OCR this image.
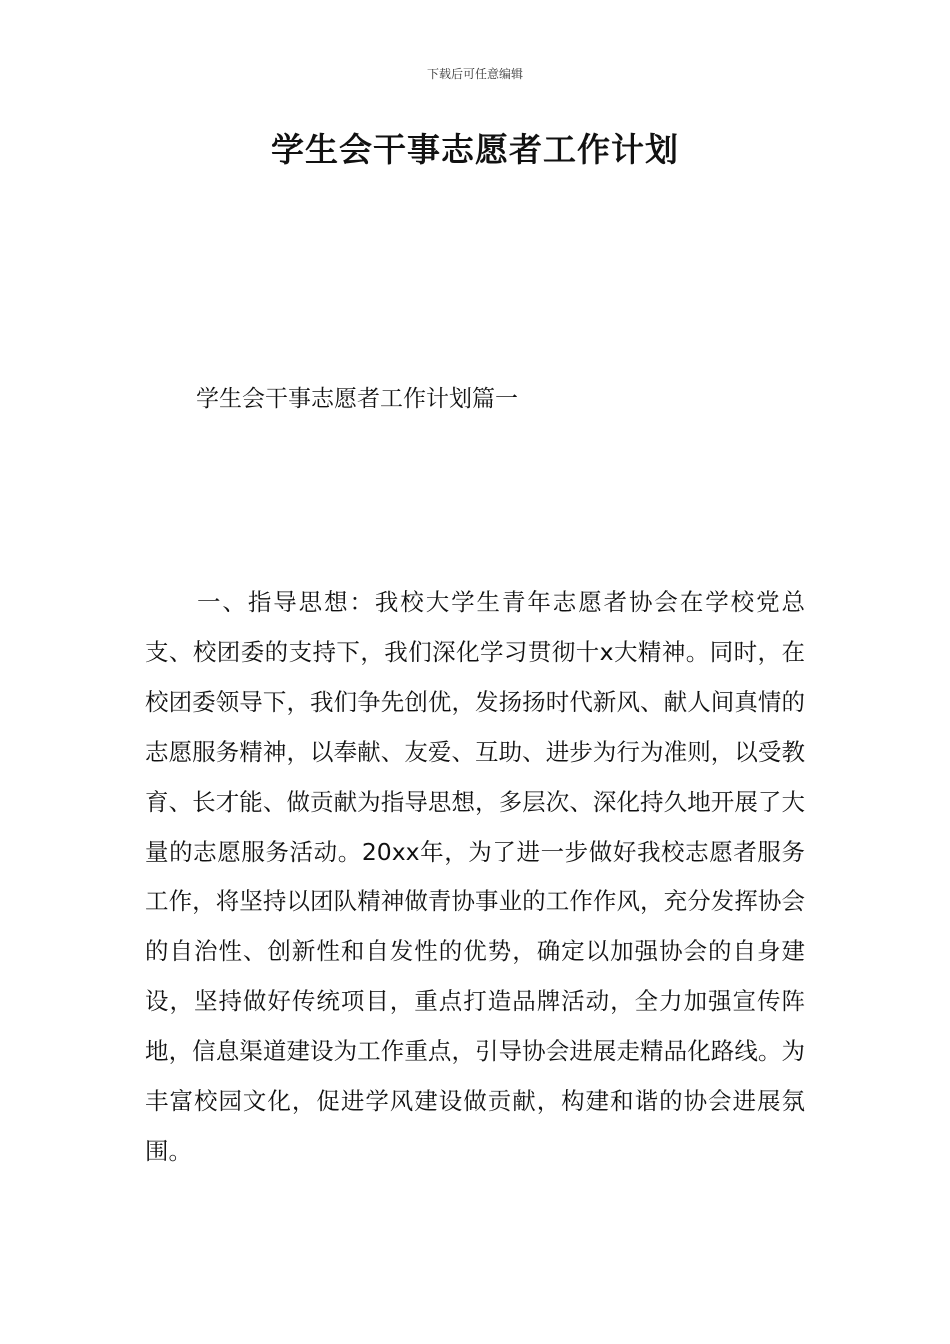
下载后可任意编辑
学生会干事志愿者工作计划
学生会干事志愿者工作计划篇一

一、指导思想：我校大学生青年志愿者协会在学校党总支、校团委的支持下，我们深化学习贯彻十x大精神。同时，在校团委领导下，我们争先创优，发扬扬时代新风、献人间真情的志愿服务精神，以奉献、友爱、互助、进步为行为准则，以受教育、长才能、做贡献为指导思想，多层次、深化持久地开展了大量的志愿服务活动。20xx年，为了进一步做好我校志愿者服务工作，将坚持以团队精神做青协事业的工作作风，充分发挥协会的自治性、创新性和自发性的优势，确定以加强协会的自身建设，坚持做好传统项目，重点打造品牌活动，全力加强宣传阵地，信息渠道建设为工作重点，引导协会进展走精品化路线。为丰富校园文化，促进学风建设做贡献，构建和谐的协会进展氛围。
